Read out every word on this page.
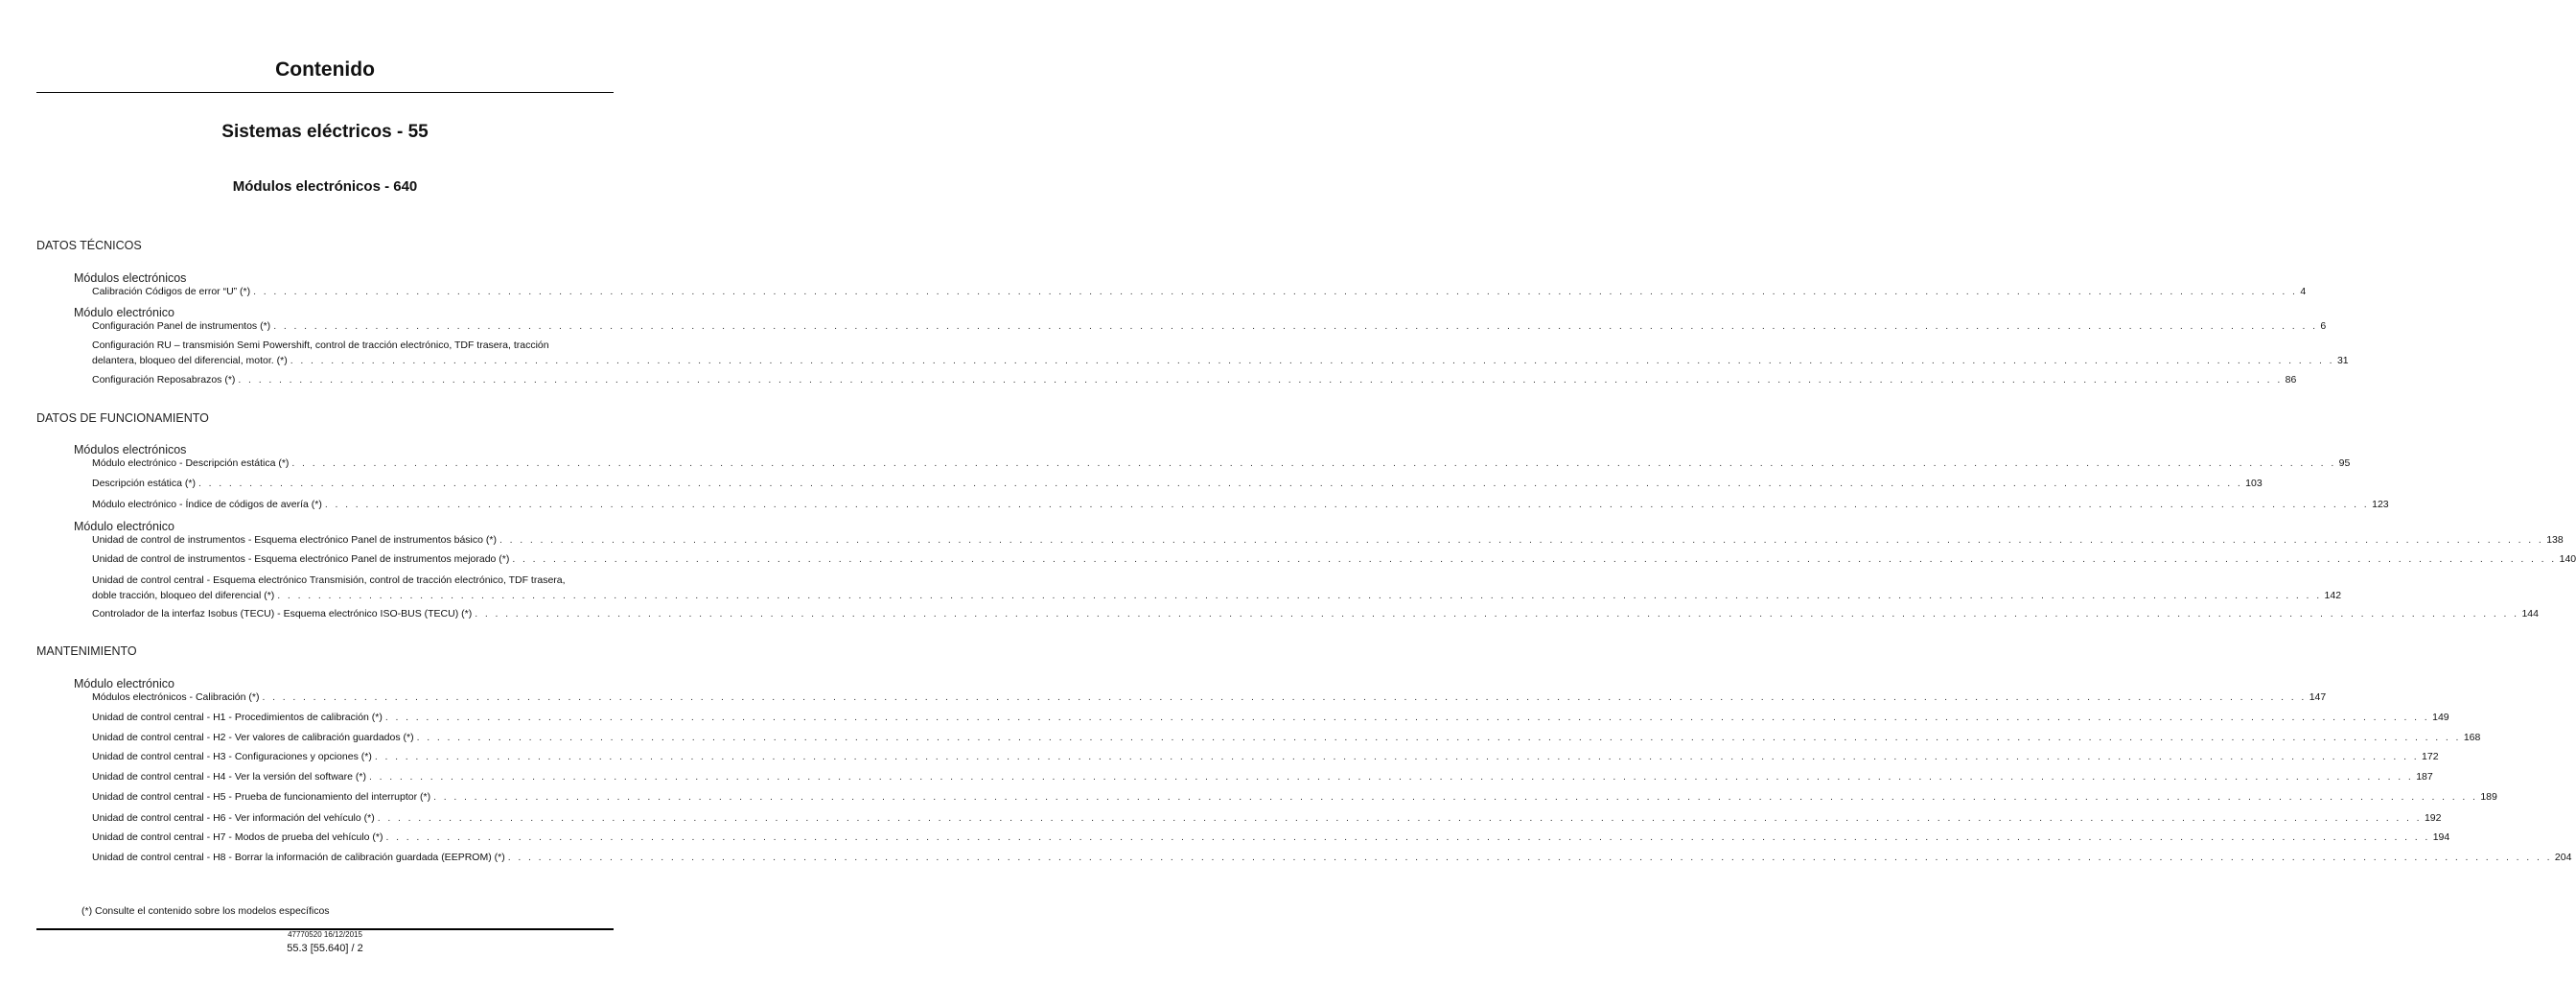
Contenido
Sistemas eléctricos - 55
Módulos electrónicos - 640
DATOS TÉCNICOS
Módulos electrónicos
Calibración Códigos de error “U” (*) . . .	4
Módulo electrónico
Configuración Panel de instrumentos (*) . . .	6
Configuración RU – transmisión Semi Powershift, control de tracción electrónico, TDF trasera, tracción
delantera, bloqueo del diferencial, motor. (*) . . .	31
Configuración Reposabrazos (*) . . .	86
DATOS DE FUNCIONAMIENTO
Módulos electrónicos
Módulo electrónico - Descripción estática (*) . . .	95
Descripción estática (*) . . .	103
Módulo electrónico - Índice de códigos de avería (*) . . .	123
Módulo electrónico
Unidad de control de instrumentos - Esquema electrónico Panel de instrumentos básico (*) . . .	138
Unidad de control de instrumentos - Esquema electrónico Panel de instrumentos mejorado (*) . . .	140
Unidad de control central - Esquema electrónico Transmisión, control de tracción electrónico, TDF trasera,
doble tracción, bloqueo del diferencial (*) . . .	142
Controlador de la interfaz Isobus (TECU) - Esquema electrónico ISO-BUS (TECU) (*) . . .	144
MANTENIMIENTO
Módulo electrónico
Módulos electrónicos - Calibración (*) . . .	147
Unidad de control central - H1 - Procedimientos de calibración (*) . . .	149
Unidad de control central - H2 - Ver valores de calibración guardados (*) . . .	168
Unidad de control central - H3 - Configuraciones y opciones (*) . . .	172
Unidad de control central - H4 - Ver la versión del software (*) . . .	187
Unidad de control central - H5 - Prueba de funcionamiento del interruptor (*) . . .	189
Unidad de control central - H6 - Ver información del vehículo (*) . . .	192
Unidad de control central - H7 - Modos de prueba del vehículo (*) . . .	194
Unidad de control central - H8 - Borrar la información de calibración guardada (EEPROM) (*) . . .	204
(*) Consulte el contenido sobre los modelos específicos
47770520 16/12/2015
55.3 [55.640] / 2
